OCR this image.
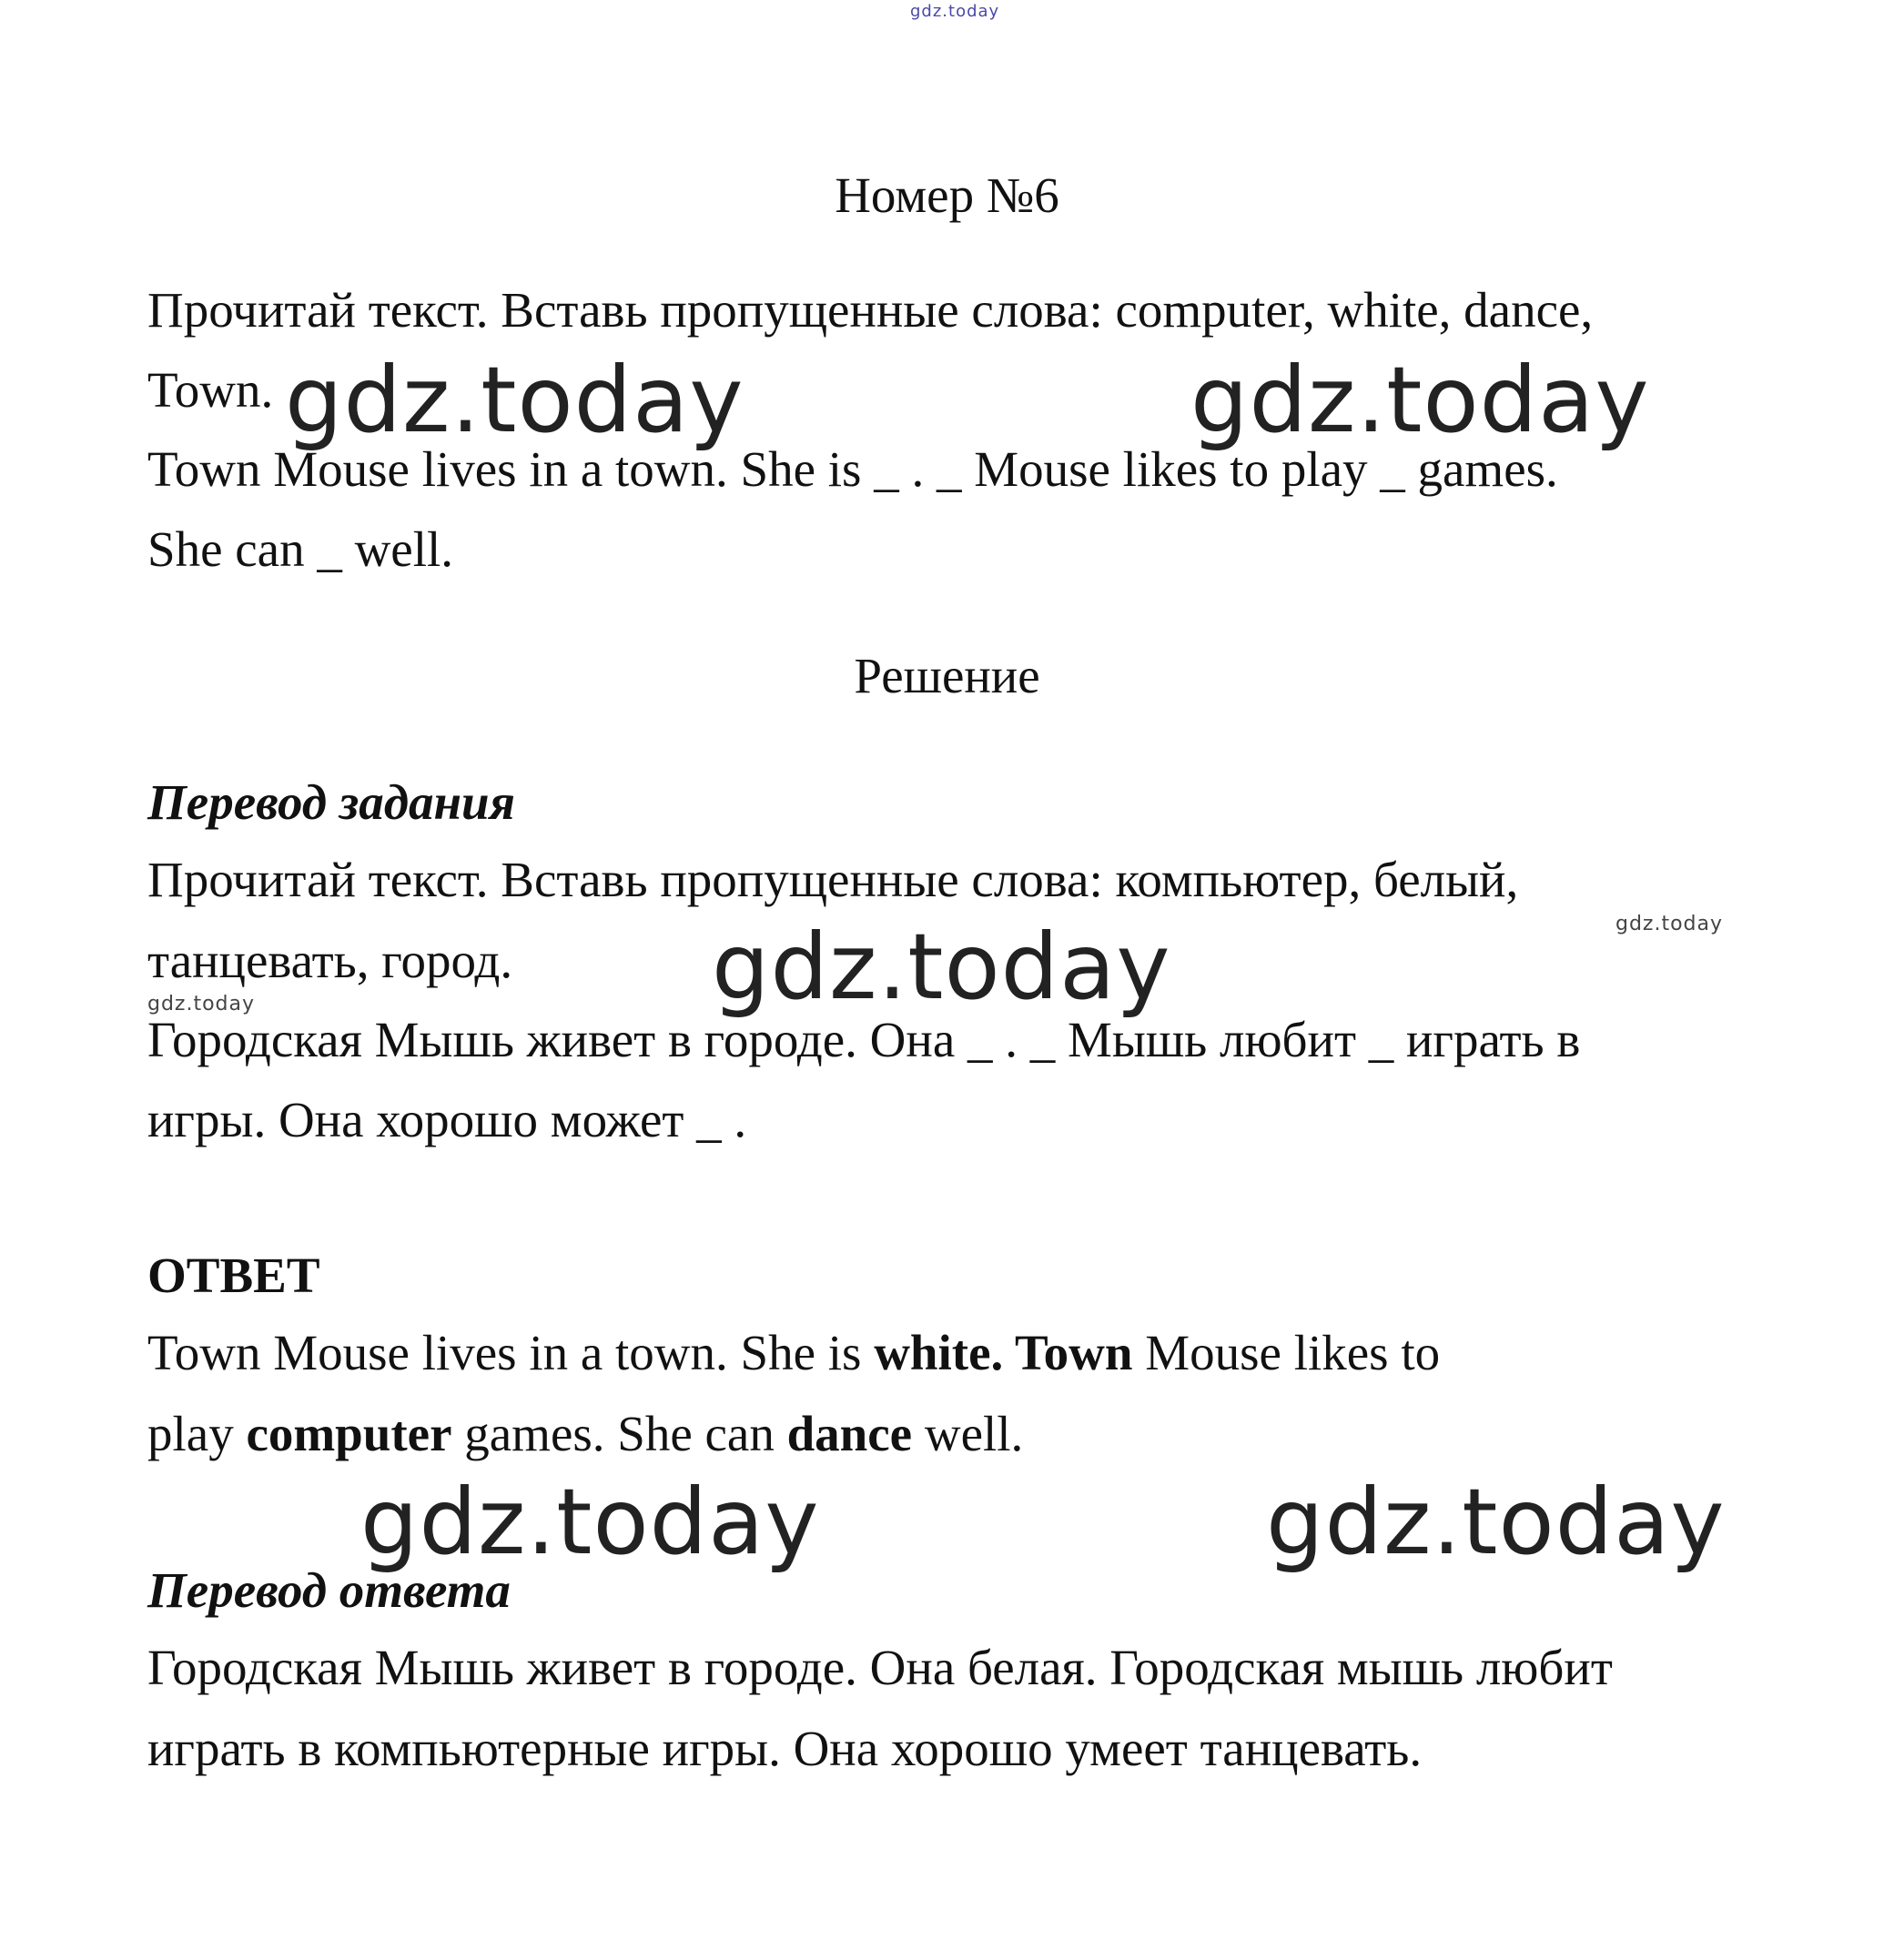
gdz.today
Номер №6

Прочитай текст. Вставь пропущенные слова: computer, white, dance,

Town.

Town Mouse lives in a town. She is _ . _ Mouse likes to play _ games.

She can _ well.

Решение
Перевод задания

Прочитай текст. Вставь пропущенные слова: компьютер, белый,

танцевать, город.

Городская Мышь живет в городе. Она _ . _ Мышь любит _ играть в

игры. Она хорошо может _ .

ОТВЕТ

Town Mouse lives in a town. She is white. Town Mouse likes to

play computer games. She can dance well.

Перевод ответа

Городская Мышь живет в городе. Она белая. Городская мышь любит

играть в компьютерные игры. Она хорошо умеет танцевать.

gdz.today	gdz.today
gdz.today
gdz.today	gdz.today
gdz.today
gdz.today
